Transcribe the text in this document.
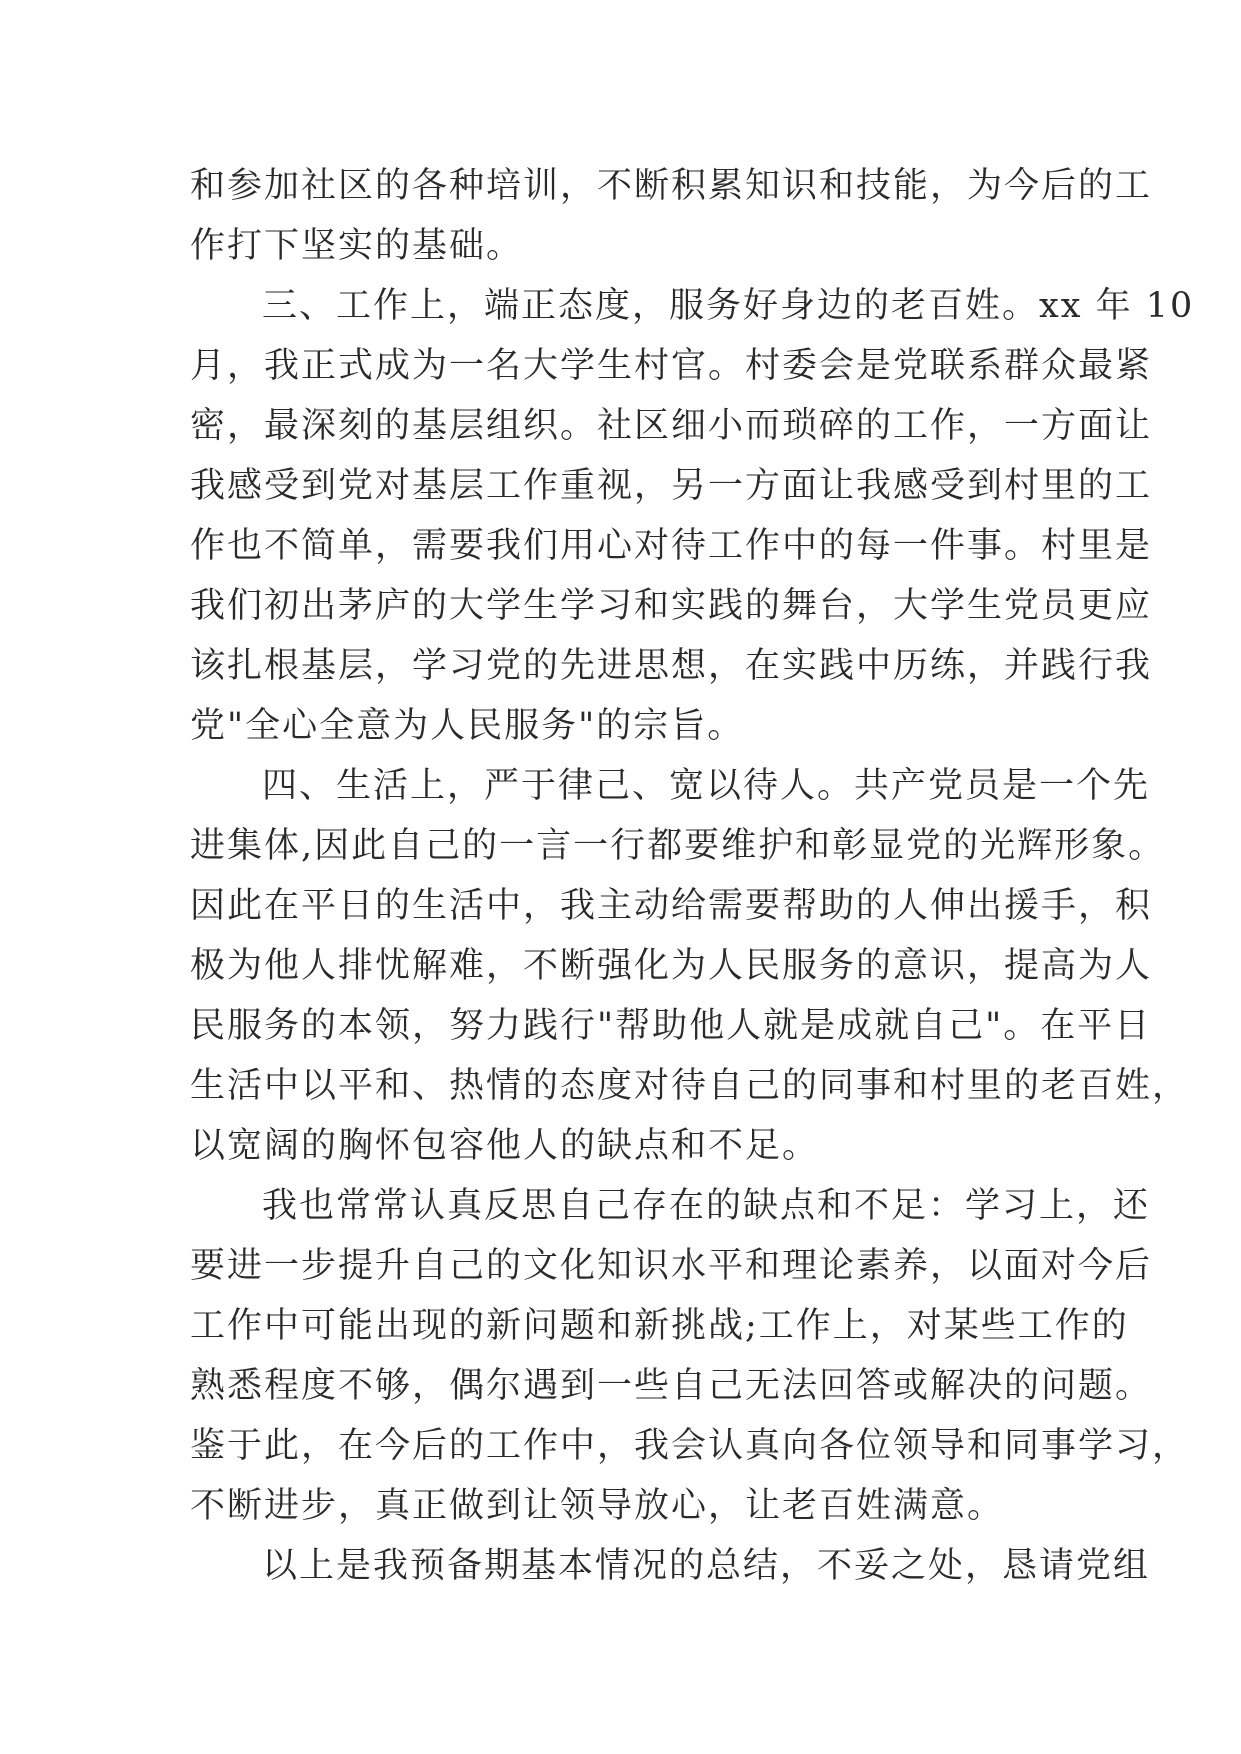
和参加社区的各种培训，不断积累知识和技能，为今后的工
作打下坚实的基础。
三、工作上，端正态度，服务好身边的老百姓。xx 年 10
月，我正式成为一名大学生村官。村委会是党联系群众最紧
密，最深刻的基层组织。社区细小而琐碎的工作，一方面让
我感受到党对基层工作重视，另一方面让我感受到村里的工
作也不简单，需要我们用心对待工作中的每一件事。村里是
我们初出茅庐的大学生学习和实践的舞台，大学生党员更应
该扎根基层，学习党的先进思想，在实践中历练，并践行我
党"全心全意为人民服务"的宗旨。
四、生活上，严于律己、宽以待人。共产党员是一个先
进集体,因此自己的一言一行都要维护和彰显党的光辉形象。
因此在平日的生活中，我主动给需要帮助的人伸出援手，积
极为他人排忧解难，不断强化为人民服务的意识，提高为人
民服务的本领，努力践行"帮助他人就是成就自己"。在平日
生活中以平和、热情的态度对待自己的同事和村里的老百姓，
以宽阔的胸怀包容他人的缺点和不足。
我也常常认真反思自己存在的缺点和不足：学习上，还
要进一步提升自己的文化知识水平和理论素养，以面对今后
工作中可能出现的新问题和新挑战;工作上，对某些工作的
熟悉程度不够，偶尔遇到一些自己无法回答或解决的问题。
鉴于此，在今后的工作中，我会认真向各位领导和同事学习，
不断进步，真正做到让领导放心，让老百姓满意。
以上是我预备期基本情况的总结，不妥之处，恳请党组
